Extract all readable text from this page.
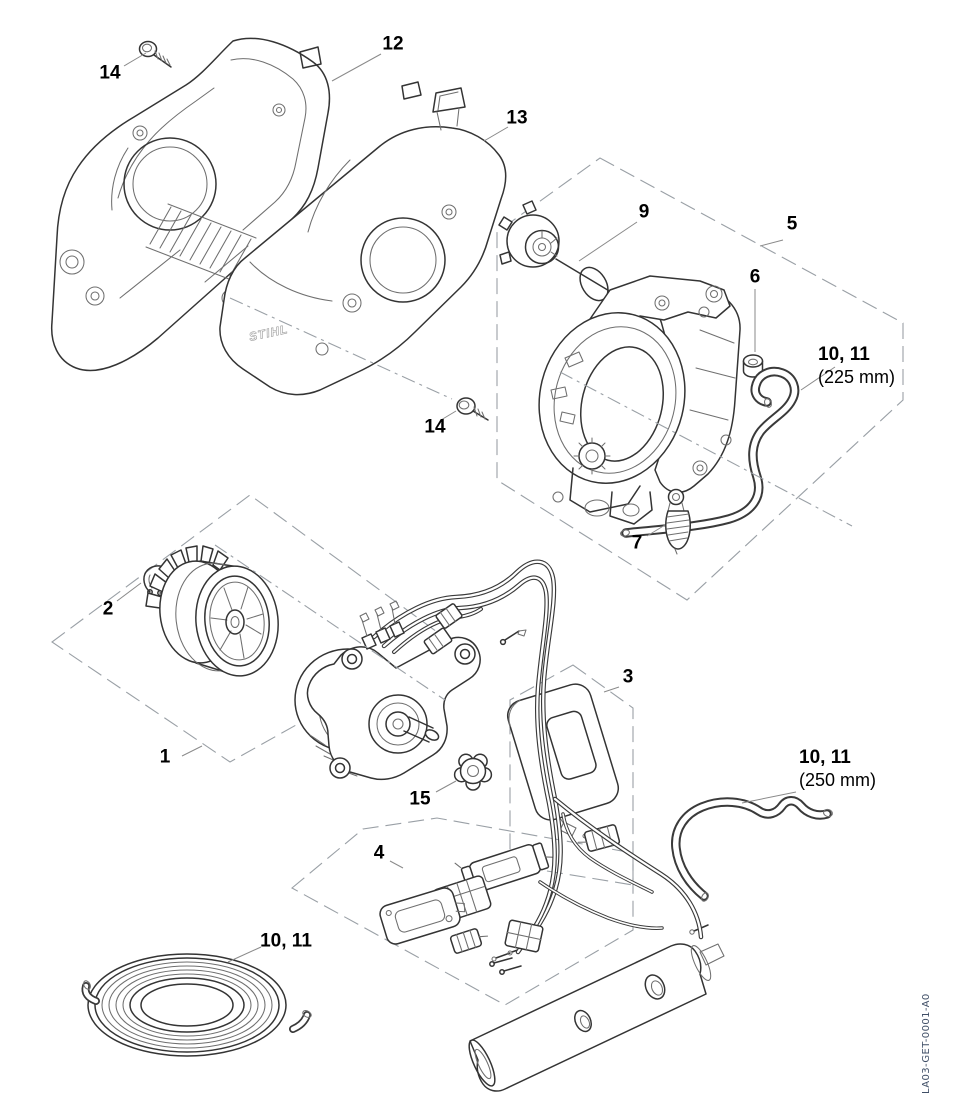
STIHL
14
12
13
9
5
6
10, 11
(225 mm)
14
7
2
1
15
3
10, 11
(250 mm)
4
10, 11
LA03-GET-0001-A0
